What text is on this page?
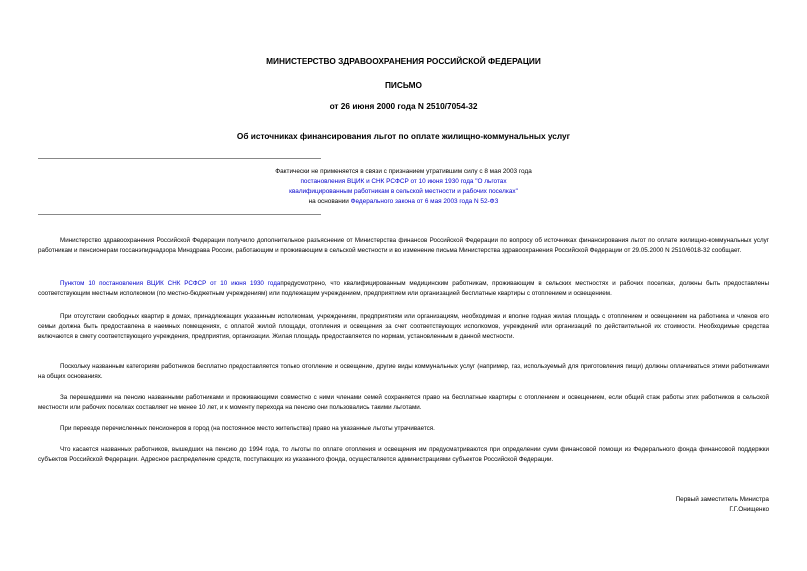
МИНИСТЕРСТВО ЗДРАВООХРАНЕНИЯ РОССИЙСКОЙ ФЕДЕРАЦИИ
ПИСЬМО
от 26 июня 2000 года N 2510/7054-32
Об источниках финансирования льгот по оплате жилищно-коммунальных услуг
Фактически не применяется в связи с признанием утратившим силу с 8 мая 2003 года
постановления ВЦИК и СНК РСФСР от 10 июня 1930 года "О льготах
квалифицированным работникам в сельской местности и рабочих поселках"
на основании Федерального закона от 6 мая 2003 года N 52-ФЗ

Министерство здравоохранения Российской Федерации получило дополнительное разъяснение от Министерства финансов Российской Федерации по вопросу об источниках финансирования льгот по оплате жилищно-коммунальных услуг работникам и пенсионерам госсанэпиднадзора Минздрава России, работающим и проживающим в сельской местности и во изменение письма Министерства здравоохранения Российской Федерации от 29.05.2000 N 2510/6018-32 сообщает.

Пунктом 10 постановления ВЦИК СНК РСФСР от 10 июня 1930 годапредусмотрено, что квалифицированным медицинским работникам, проживающим в сельских местностях и рабочих поселках, должны быть предоставлены соответствующим местным исполкомом (по местно-бюджетным учреждениям) или подлежащим учреждением, предприятием или организацией бесплатные квартиры с отоплением и освещением.

При отсутствии свободных квартир в домах, принадлежащих указанным исполкомам, учреждениям, предприятиям или организациям, необходимая и вполне годная жилая площадь с отоплением и освещением на работника и членов его семьи должна быть предоставлена в наемных помещениях, с оплатой жилой площади, отопления и освещения за счет соответствующих исполкомов, учреждений или организаций по действительной их стоимости. Необходимые средства включаются в смету соответствующего учреждения, предприятия, организации. Жилая площадь предоставляется по нормам, установленным в данной местности.

Поскольку названным категориям работников бесплатно предоставляется только отопление и освещение, другие виды коммунальных услуг (например, газ, используемый для приготовления пищи) должны оплачиваться этими работниками на общих основаниях.

За перешедшими на пенсию названными работниками и проживающими совместно с ними членами семей сохраняется право на бесплатные квартиры с отоплением и освещением, если общий стаж работы этих работников в сельской местности или рабочих поселках составляет не менее 10 лет, и к моменту перехода на пенсию они пользовались такими льготами.

При переезде перечисленных пенсионеров в город (на постоянное место жительства) право на указанные льготы утрачивается.

Что касается названных работников, вышедших на пенсию до 1994 года, то льготы по оплате отопления и освещения им предусматриваются при определении сумм финансовой помощи из Федерального фонда финансовой поддержки субъектов Российской Федерации. Адресное распределение средств, поступающих из указанного фонда, осуществляется администрациями субъектов Российской Федерации.

Первый заместитель Министра
Г.Г.Онищенко
